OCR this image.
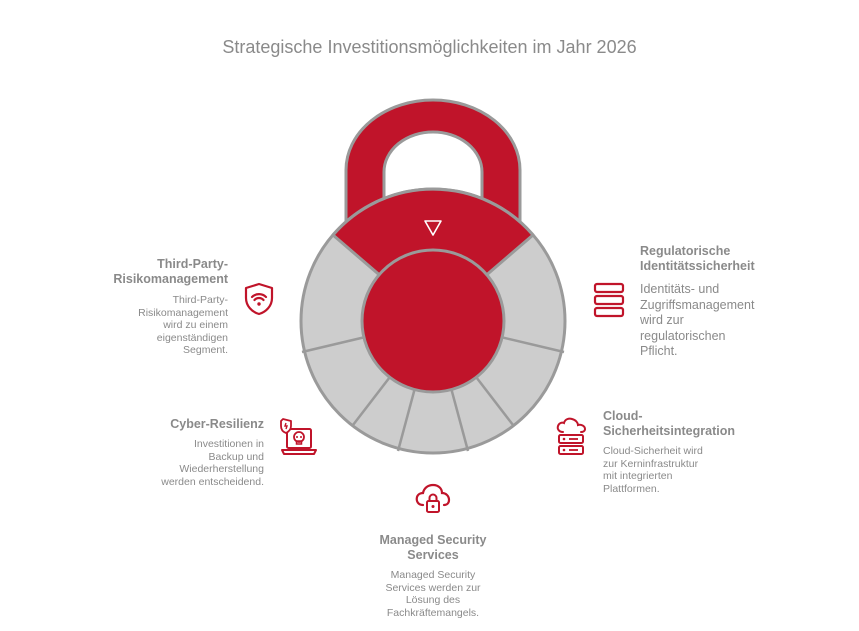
Strategische Investitionsmöglichkeiten im Jahr 2026
Third-Party-
Risikomanagement
Third-Party-
Risikomanagement
wird zu einem
eigenständigen
Segment.
Regulatorische
Identitätssicherheit
Identitäts- und
Zugriffsmanagement
wird zur
regulatorischen
Pflicht.
Cyber-Resilienz
Investitionen in
Backup und
Wiederherstellung
werden entscheidend.
Cloud-
Sicherheitsintegration
Cloud-Sicherheit wird
zur Kerninfrastruktur
mit integrierten
Plattformen.
Managed Security
Services
Managed Security
Services werden zur
Lösung des
Fachkräftemangels.
